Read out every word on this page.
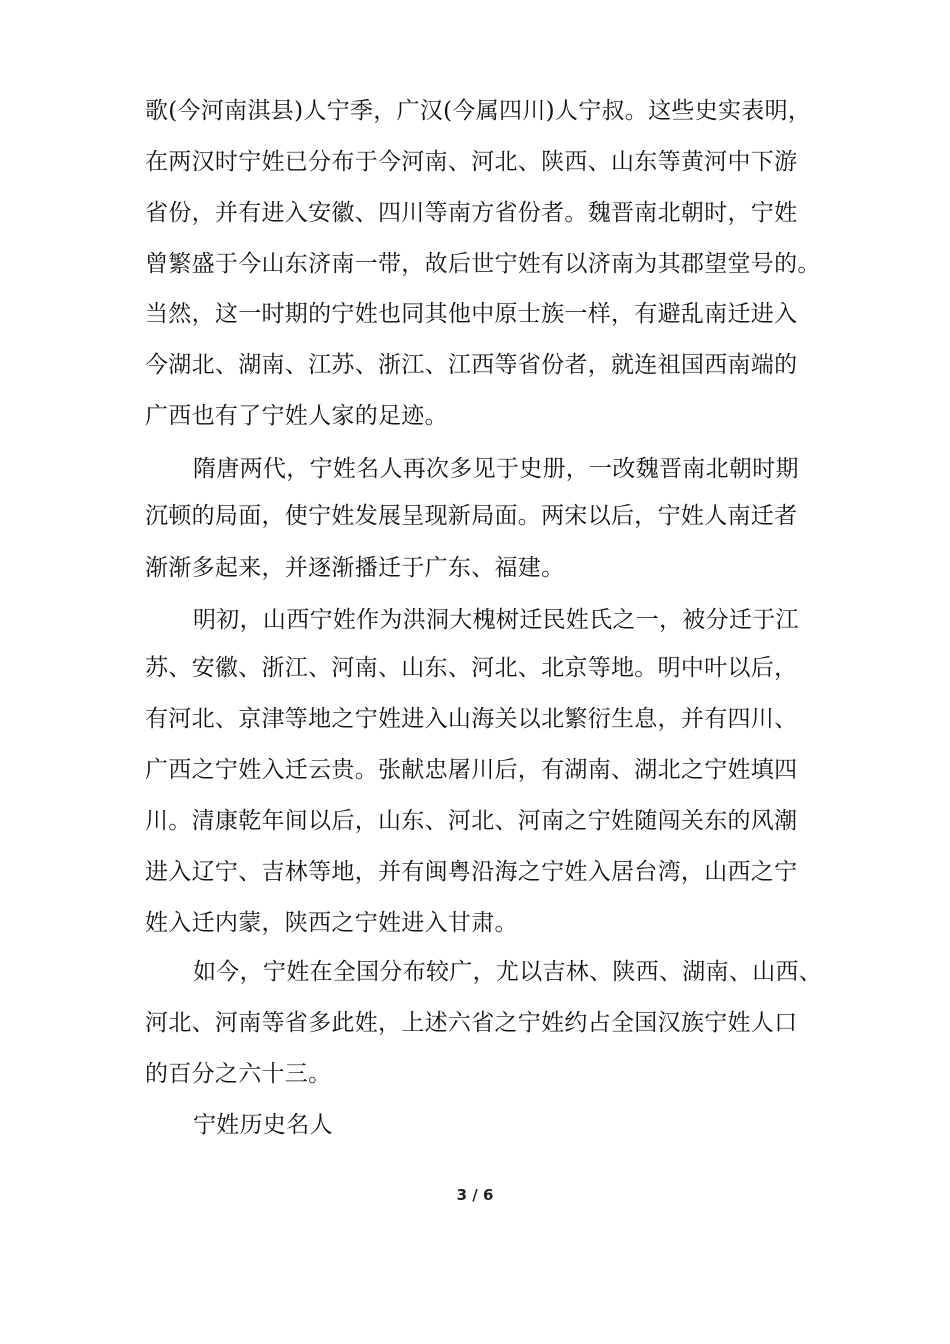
歌(今河南淇县)人宁季，广汉(今属四川)人宁叔。这些史实表明，
在两汉时宁姓已分布于今河南、河北、陕西、山东等黄河中下游
省份，并有进入安徽、四川等南方省份者。魏晋南北朝时，宁姓
曾繁盛于今山东济南一带，故后世宁姓有以济南为其郡望堂号的。
当然，这一时期的宁姓也同其他中原士族一样，有避乱南迁进入
今湖北、湖南、江苏、浙江、江西等省份者，就连祖国西南端的
广西也有了宁姓人家的足迹。
隋唐两代，宁姓名人再次多见于史册，一改魏晋南北朝时期
沉顿的局面，使宁姓发展呈现新局面。两宋以后，宁姓人南迁者
渐渐多起来，并逐渐播迁于广东、福建。
明初，山西宁姓作为洪洞大槐树迁民姓氏之一，被分迁于江
苏、安徽、浙江、河南、山东、河北、北京等地。明中叶以后，
有河北、京津等地之宁姓进入山海关以北繁衍生息，并有四川、
广西之宁姓入迁云贵。张献忠屠川后，有湖南、湖北之宁姓填四
川。清康乾年间以后，山东、河北、河南之宁姓随闯关东的风潮
进入辽宁、吉林等地，并有闽粤沿海之宁姓入居台湾，山西之宁
姓入迁内蒙，陕西之宁姓进入甘肃。
如今，宁姓在全国分布较广，尤以吉林、陕西、湖南、山西、
河北、河南等省多此姓，上述六省之宁姓约占全国汉族宁姓人口
的百分之六十三。
宁姓历史名人
3 / 6
